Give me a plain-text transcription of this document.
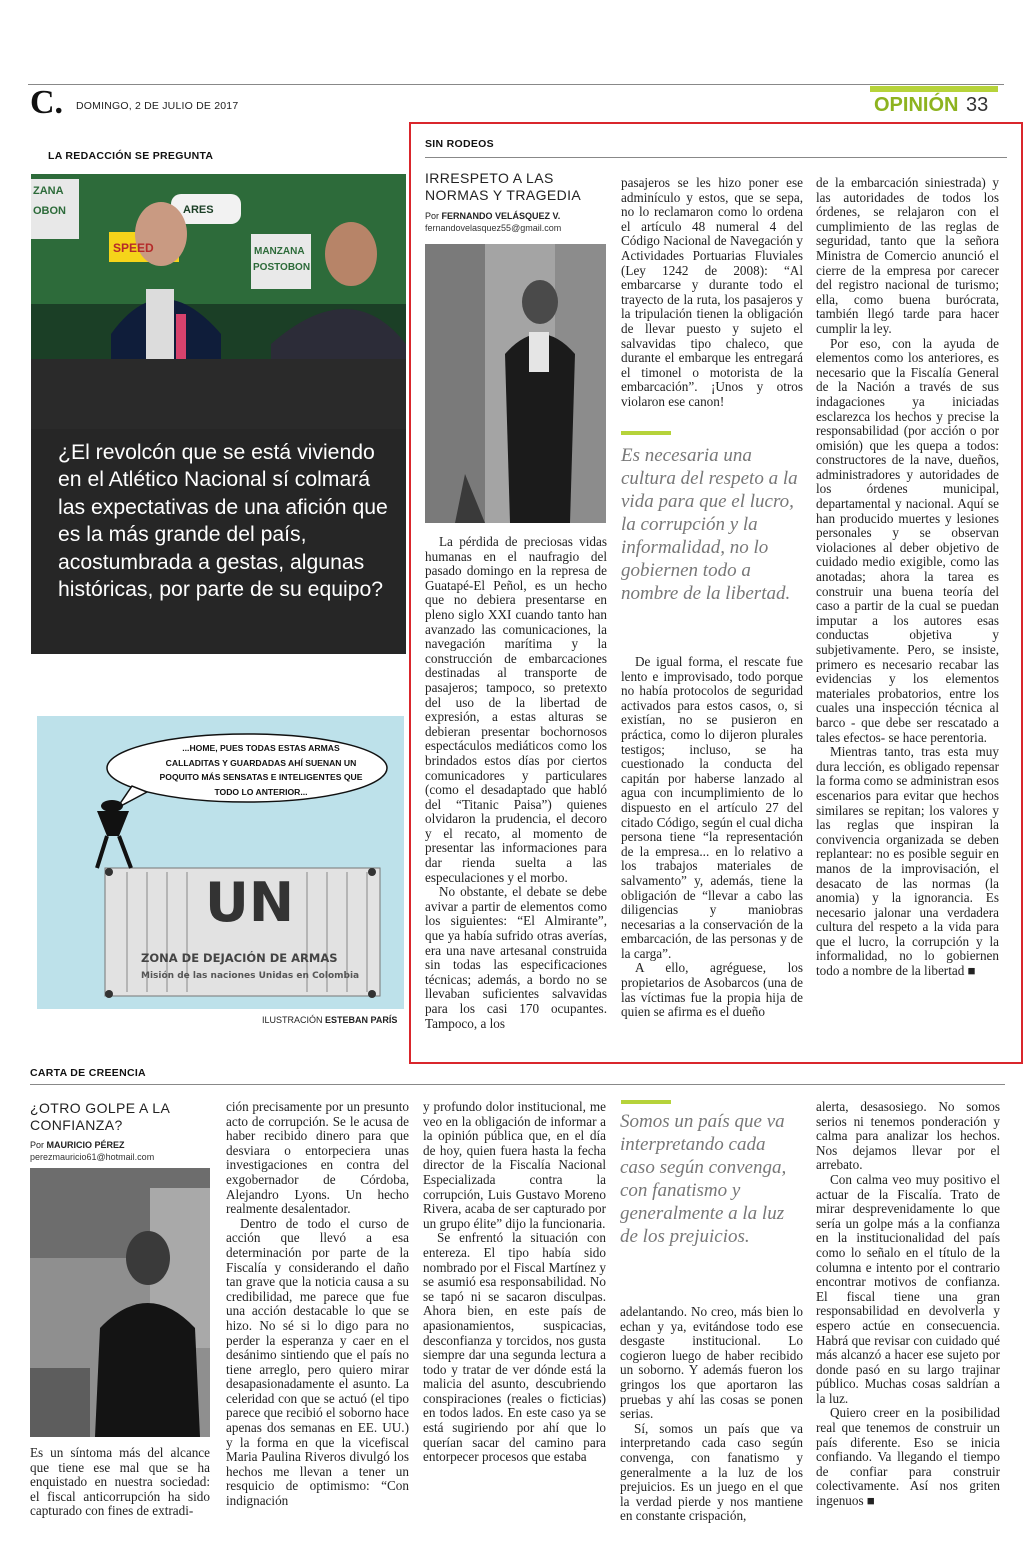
C. DOMINGO, 2 DE JULIO DE 2017	OPINIÓN 33
LA REDACCIÓN SE PREGUNTA
ZANA
OBON	ARES
SPEED	MANZANA
POSTOBON
¿El revolcón que se está viviendo en el Atlético Nacional sí colmará las expectativas de una afición que es la más grande del país, acostumbrada a gestas, algunas históricas, por parte de su equipo?
UN
ZONA DE DEJACIÓN DE ARMAS
Misión de las naciones Unidas en Colombia
...HOME, PUES TODAS ESTAS ARMAS CALLADITAS Y GUARDADAS AHÍ SUENAN UN POQUITO MÁS SENSATAS E INTELIGENTES QUE TODO LO ANTERIOR...
ILUSTRACIÓN ESTEBAN PARÍS
SIN RODEOS
IRRESPETO A LAS NORMAS Y TRAGEDIA
Por FERNANDO VELÁSQUEZ V.
fernandovelasquez55@gmail.com
Es necesaria una cultura del respeto a la vida para que el lucro, la corrupción y la informalidad, no lo gobiernen todo a nombre de la libertad.

La pérdida de preciosas vidas humanas en el naufragio del pasado domingo en la represa de Guatapé-El Peñol, es un hecho que no debiera presentarse en pleno siglo XXI cuando tanto han avanzado las comunicaciones, la navegación marítima y la construcción de embarcaciones destinadas al transporte de pasajeros; tampoco, so pretexto del uso de la libertad de expresión, a estas alturas se debieran presentar bochornosos espectáculos mediáticos como los brindados estos días por ciertos comunicadores y particulares (como el desadaptado que habló del “Titanic Paisa”) quienes olvidaron la prudencia, el decoro y el recato, al momento de presentar las informaciones para dar rienda suelta a las especulaciones y el morbo.

No obstante, el debate se debe avivar a partir de elementos como los siguientes: “El Almirante”, que ya había sufrido otras averías, era una nave artesanal construida sin todas las especificaciones técnicas; además, a bordo no se llevaban suficientes salvavidas para los casi 170 ocupantes. Tampoco, a los

pasajeros se les hizo poner ese adminículo y estos, que se sepa, no lo reclamaron como lo ordena el artículo 48 numeral 4 del Código Nacional de Navegación y Actividades Portuarias Fluviales (Ley 1242 de 2008): “Al embarcarse y durante todo el trayecto de la ruta, los pasajeros y la tripulación tienen la obligación de llevar puesto y sujeto el salvavidas tipo chaleco, que durante el embarque les entregará el timonel o motorista de la embarcación”. ¡Unos y otros violaron ese canon!

De igual forma, el rescate fue lento e improvisado, todo porque no había protocolos de seguridad activados para estos casos, o, si existían, no se pusieron en práctica, como lo dijeron plurales testigos; incluso, se ha cuestionado la conducta del capitán por haberse lanzado al agua con incumplimiento de lo dispuesto en el artículo 27 del citado Código, según el cual dicha persona tiene “la representación de la empresa... en lo relativo a los trabajos materiales de salvamento” y, además, tiene la obligación de “llevar a cabo las diligencias y maniobras necesarias a la conservación de la embarcación, de las personas y de la carga”.

A ello, agréguese, los propietarios de Asobarcos (una de las víctimas fue la propia hija de quien se afirma es el dueño

de la embarcación siniestrada) y las autoridades de todos los órdenes, se relajaron con el cumplimiento de las reglas de seguridad, tanto que la señora Ministra de Comercio anunció el cierre de la empresa por carecer del registro nacional de turismo; ella, como buena burócrata, también llegó tarde para hacer cumplir la ley.

Por eso, con la ayuda de elementos como los anteriores, es necesario que la Fiscalía General de la Nación a través de sus indagaciones ya iniciadas esclarezca los hechos y precise la responsabilidad (por acción o por omisión) que les quepa a todos: constructores de la nave, dueños, administradores y autoridades de los órdenes municipal, departamental y nacional. Aquí se han producido muertes y lesiones personales y se observan violaciones al deber objetivo de cuidado medio exigible, como las anotadas; ahora la tarea es construir una buena teoría del caso a partir de la cual se puedan imputar a los autores esas conductas objetiva y subjetivamente. Pero, se insiste, primero es necesario recabar las evidencias y los elementos materiales probatorios, entre los cuales una inspección técnica al barco - que debe ser rescatado a tales efectos- se hace perentoria.

Mientras tanto, tras esta muy dura lección, es obligado repensar la forma como se administran esos escenarios para evitar que hechos similares se repitan; los valores y las reglas que inspiran la convivencia organizada se deben replantear: no es posible seguir en manos de la improvisación, el desacato de las normas (la anomia) y la ignorancia. Es necesario jalonar una verdadera cultura del respeto a la vida para que el lucro, la corrupción y la informalidad, no lo gobiernen todo a nombre de la libertad ■

CARTA DE CREENCIA
¿OTRO GOLPE A LA CONFIANZA?
Por MAURICIO PÉREZ
perezmauricio61@hotmail.com

Es un síntoma más del alcance que tiene ese mal que se ha enquistado en nuestra sociedad: el fiscal anticorrupción ha sido capturado con fines de extradi-

ción precisamente por un presunto acto de corrupción. Se le acusa de haber recibido dinero para que desviara o entorpeciera unas investigaciones en contra del exgobernador de Córdoba, Alejandro Lyons. Un hecho realmente desalentador.

Dentro de todo el curso de acción que llevó a esa determinación por parte de la Fiscalía y considerando el daño tan grave que la noticia causa a su credibilidad, me parece que fue una acción destacable lo que se hizo. No sé si lo digo para no perder la esperanza y caer en el desánimo sintiendo que el país no tiene arreglo, pero quiero mirar desapasionadamente el asunto. La celeridad con que se actuó (el tipo parece que recibió el soborno hace apenas dos semanas en EE. UU.) y la forma en que la vicefiscal Maria Paulina Riveros divulgó los hechos me llevan a tener un resquicio de optimismo: “Con indignación

y profundo dolor institucional, me veo en la obligación de informar a la opinión pública que, en el día de hoy, quien fuera hasta la fecha director de la Fiscalía Nacional Especializada contra la corrupción, Luis Gustavo Moreno Rivera, acaba de ser capturado por un grupo élite” dijo la funcionaria.

Se enfrentó la situación con entereza. El tipo había sido nombrado por el Fiscal Martínez y se asumió esa responsabilidad. No se tapó ni se sacaron disculpas. Ahora bien, en este país de apasionamientos, suspicacias, desconfianza y torcidos, nos gusta siempre dar una segunda lectura a todo y tratar de ver dónde está la malicia del asunto, descubriendo conspiraciones (reales o ficticias) en todos lados. En este caso ya se está sugiriendo por ahí que lo querían sacar del camino para entorpecer procesos que estaba

Somos un país que va interpretando cada caso según convenga, con fanatismo y generalmente a la luz de los prejuicios.

adelantando. No creo, más bien lo echan y ya, evitándose todo ese desgaste institucional. Lo cogieron luego de haber recibido un soborno. Y además fueron los gringos los que aportaron las pruebas y ahí las cosas se ponen serias.

Sí, somos un país que va interpretando cada caso según convenga, con fanatismo y generalmente a la luz de los prejuicios. Es un juego en el que la verdad pierde y nos mantiene en constante crispación,

alerta, desasosiego. No somos serios ni tenemos ponderación y calma para analizar los hechos. Nos dejamos llevar por el arrebato.

Con calma veo muy positivo el actuar de la Fiscalía. Trato de mirar desprevenidamente lo que sería un golpe más a la confianza en la institucionalidad del país como lo señalo en el título de la columna e intento por el contrario encontrar motivos de confianza. El fiscal tiene una gran responsabilidad en devolverla y espero actúe en consecuencia. Habrá que revisar con cuidado qué más alcanzó a hacer ese sujeto por donde pasó en su largo trajinar público. Muchas cosas saldrían a la luz.

Quiero creer en la posibilidad real que tenemos de construir un país diferente. Eso se inicia confiando. Va llegando el tiempo de confiar para construir colectivamente. Así nos griten ingenuos ■
